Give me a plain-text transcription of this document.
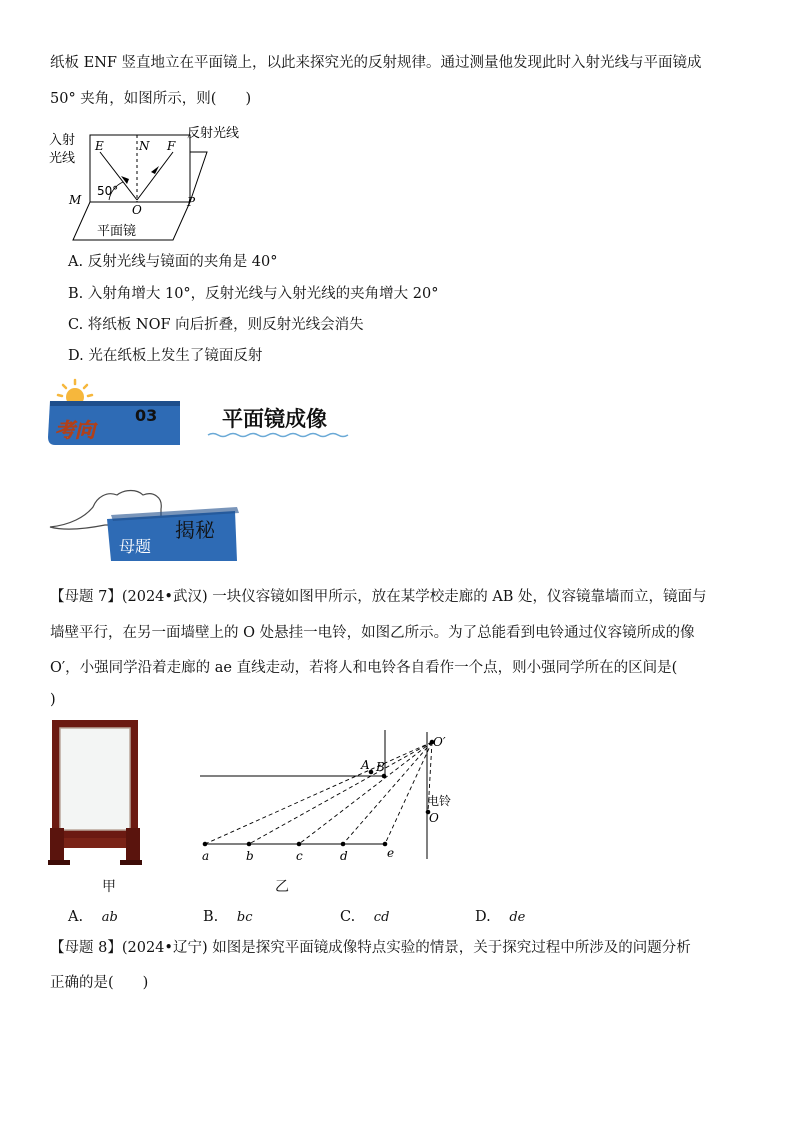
纸板 ENF 竖直地立在平面镜上，以此来探究光的反射规律。通过测量他发现此时入射光线与平面镜成
50° 夹角，如图所示，则(　　)
入射
光线
反射光线
E	N F
50°
M
O
P
平面镜
A. 反射光线与镜面的夹角是 40°
B. 入射角增大 10°，反射光线与入射光线的夹角增大 20°
C. 将纸板 NOF 向后折叠，则反射光线会消失
D. 光在纸板上发生了镜面反射
考向
03	平面镜成像
母题
揭秘
【母题 7】(2024•武汉) 一块仪容镜如图甲所示，放在某学校走廊的 AB 处，仪容镜靠墙而立，镜面与
墙壁平行，在另一面墙壁上的 O 处悬挂一电铃，如图乙所示。为了总能看到电铃通过仪容镜所成的像
O′，小强同学沿着走廊的 ae 直线走动，若将人和电铃各自看作一个点，则小强同学所在的区间是(
)
甲
O′
A B
电铃
O
a	b	c	d	e
乙
A. ab	B. bc	C. cd	D. de
【母题 8】(2024•辽宁) 如图是探究平面镜成像特点实验的情景，关于探究过程中所涉及的问题分析
正确的是(　　)
